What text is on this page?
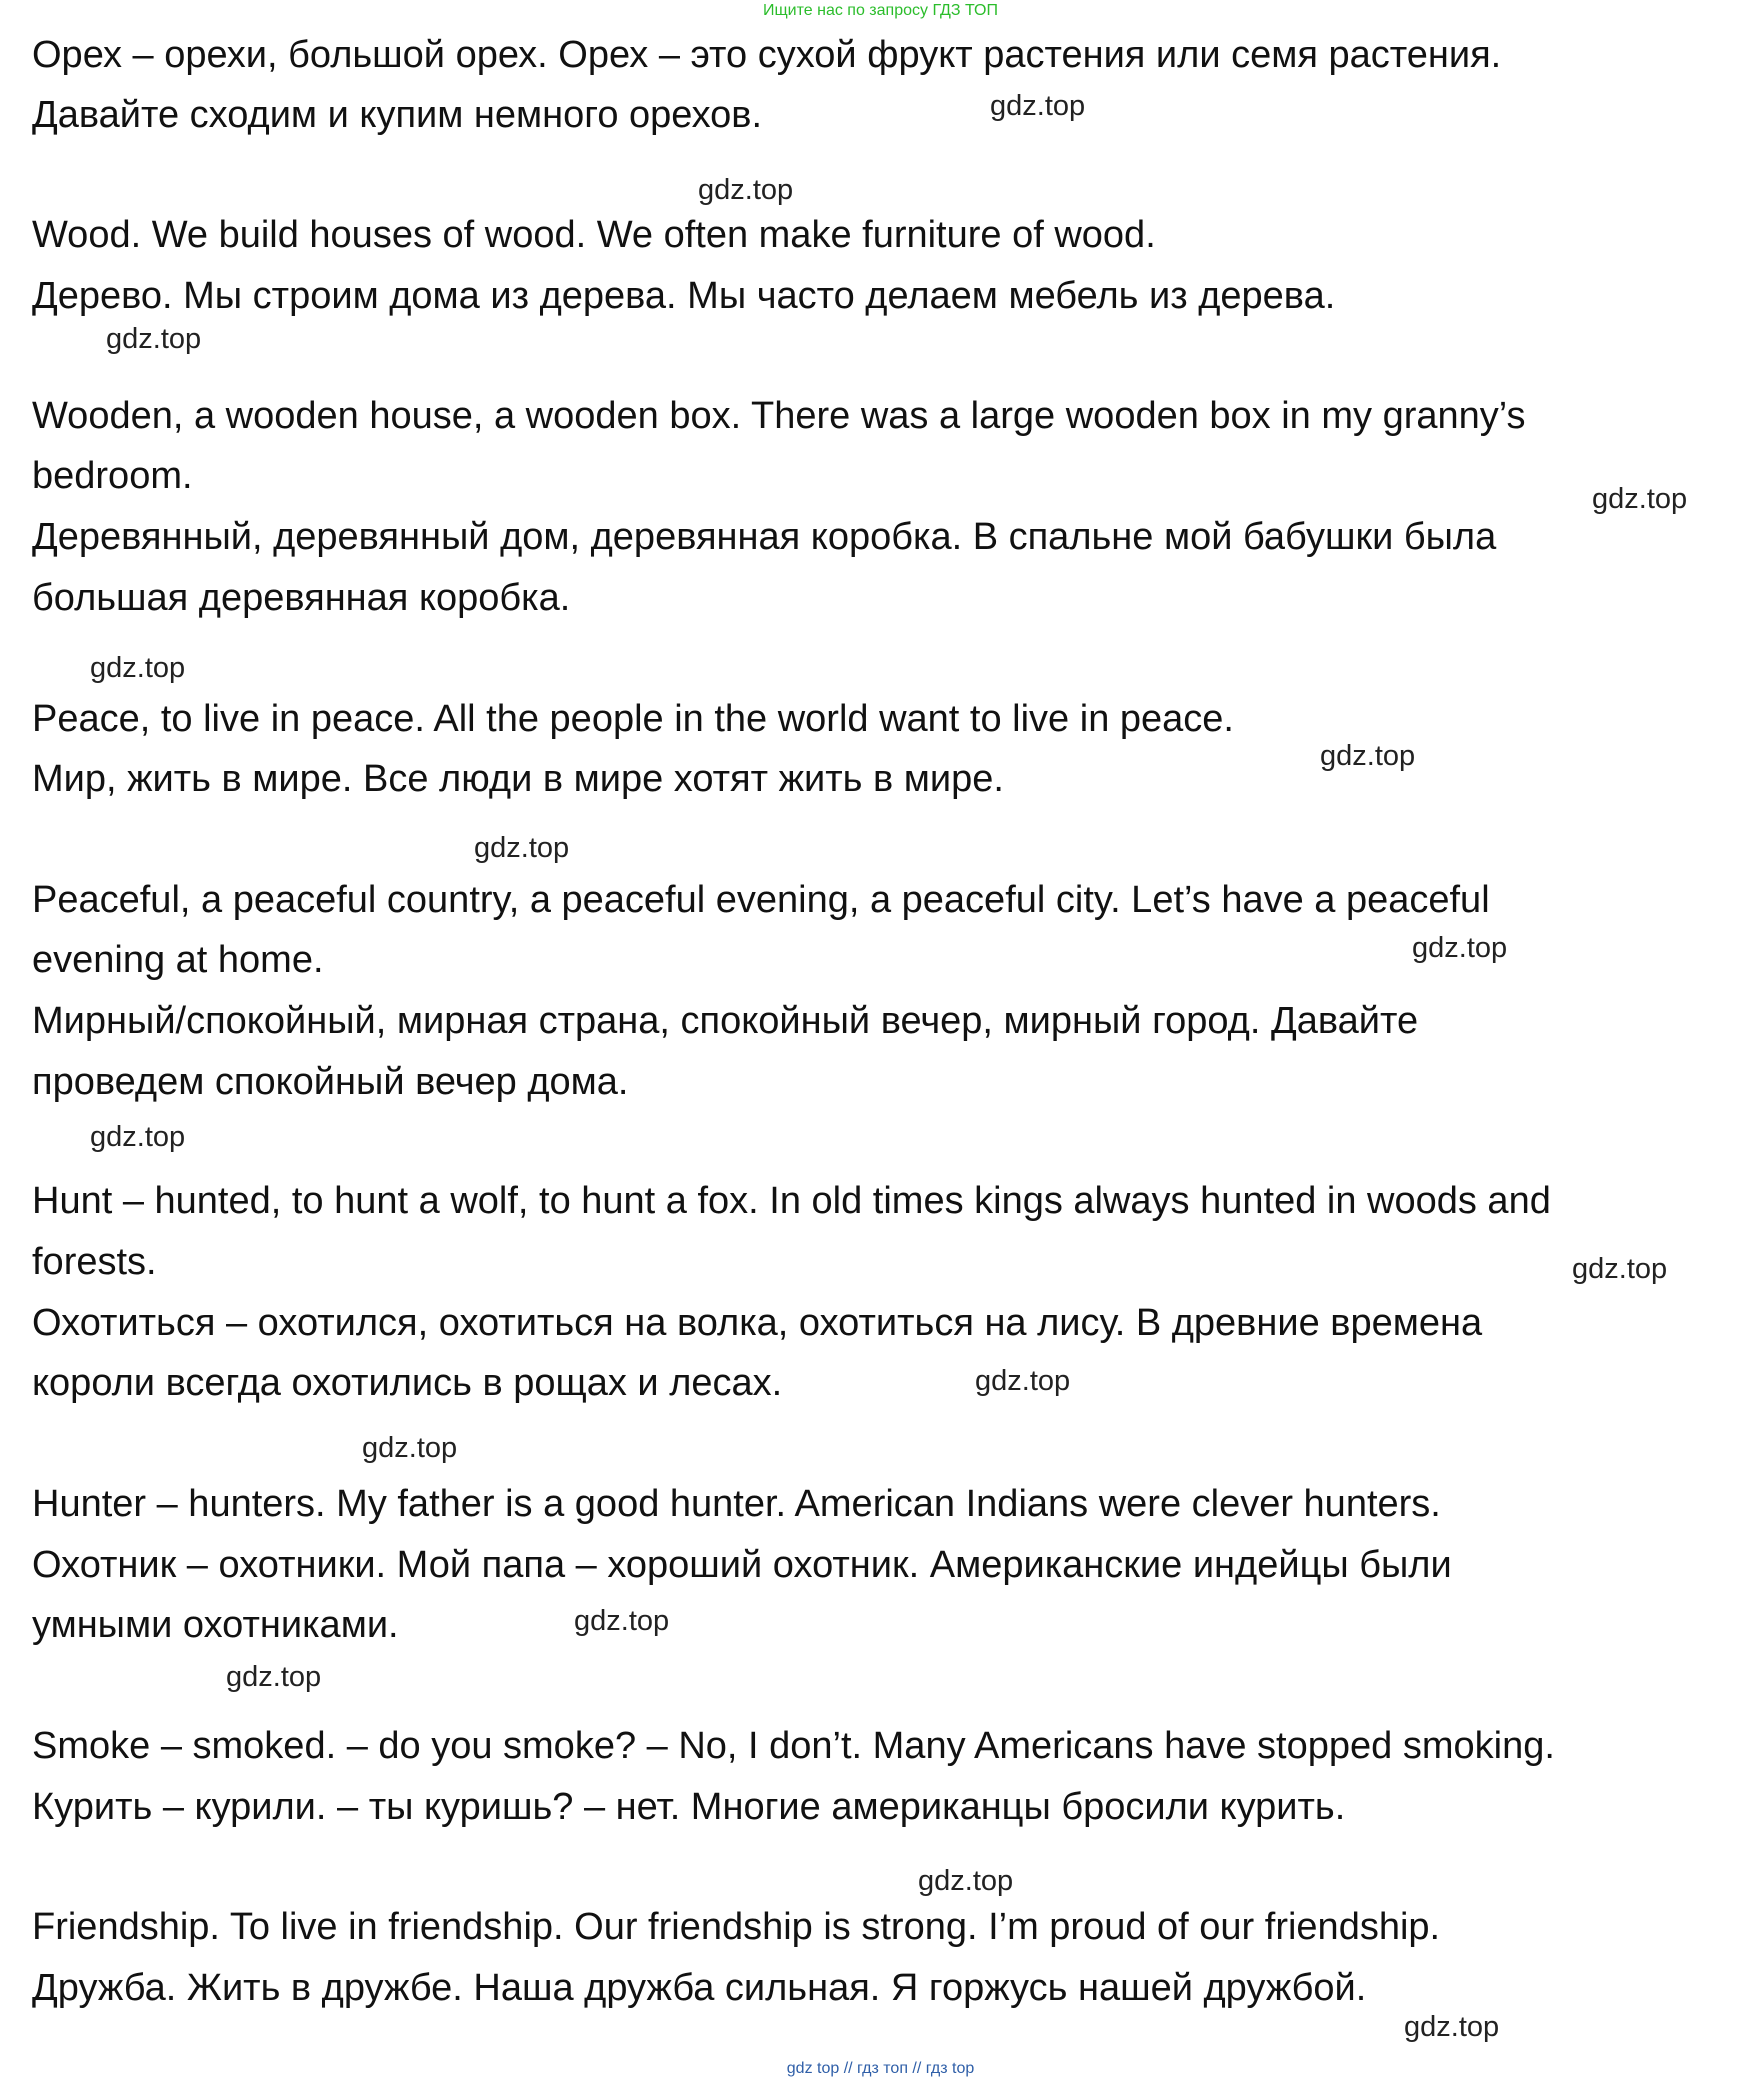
Ищите нас по запросу ГДЗ ТОП
Орех – орехи, большой орех. Орех – это сухой фрукт растения или семя растения.
Давайте сходим и купим немного орехов.
Wood. We build houses of wood. We often make furniture of wood.
Дерево. Мы строим дома из дерева. Мы часто делаем мебель из дерева.
Wooden, a wooden house, a wooden box. There was a large wooden box in my granny’s
bedroom.
Деревянный, деревянный дом, деревянная коробка. В спальне мой бабушки была
большая деревянная коробка.
Peace, to live in peace. All the people in the world want to live in peace.
Мир, жить в мире. Все люди в мире хотят жить в мире.
Peaceful, a peaceful country, a peaceful evening, a peaceful city. Let’s have a peaceful
evening at home.
Мирный/спокойный, мирная страна, спокойный вечер, мирный город. Давайте
проведем спокойный вечер дома.
Hunt – hunted, to hunt a wolf, to hunt a fox. In old times kings always hunted in woods and
forests.
Охотиться – охотился, охотиться на волка, охотиться на лису. В древние времена
короли всегда охотились в рощах и лесах.
Hunter – hunters. My father is a good hunter. American Indians were clever hunters.
Охотник – охотники. Мой папа – хороший охотник. Американские индейцы были
умными охотниками.
Smoke – smoked. – do you smoke? – No, I don’t. Many Americans have stopped smoking.
Курить – курили. – ты куришь? – нет. Многие американцы бросили курить.
Friendship. To live in friendship. Our friendship is strong. I’m proud of our friendship.
Дружба. Жить в дружбе. Наша дружба сильная. Я горжусь нашей дружбой.
gdz.top
gdz.top
gdz.top
gdz.top
gdz.top
gdz.top
gdz.top
gdz.top
gdz.top
gdz.top
gdz.top
gdz.top
gdz.top
gdz.top
gdz.top
gdz.top
gdz top // гдз топ // гдз top
